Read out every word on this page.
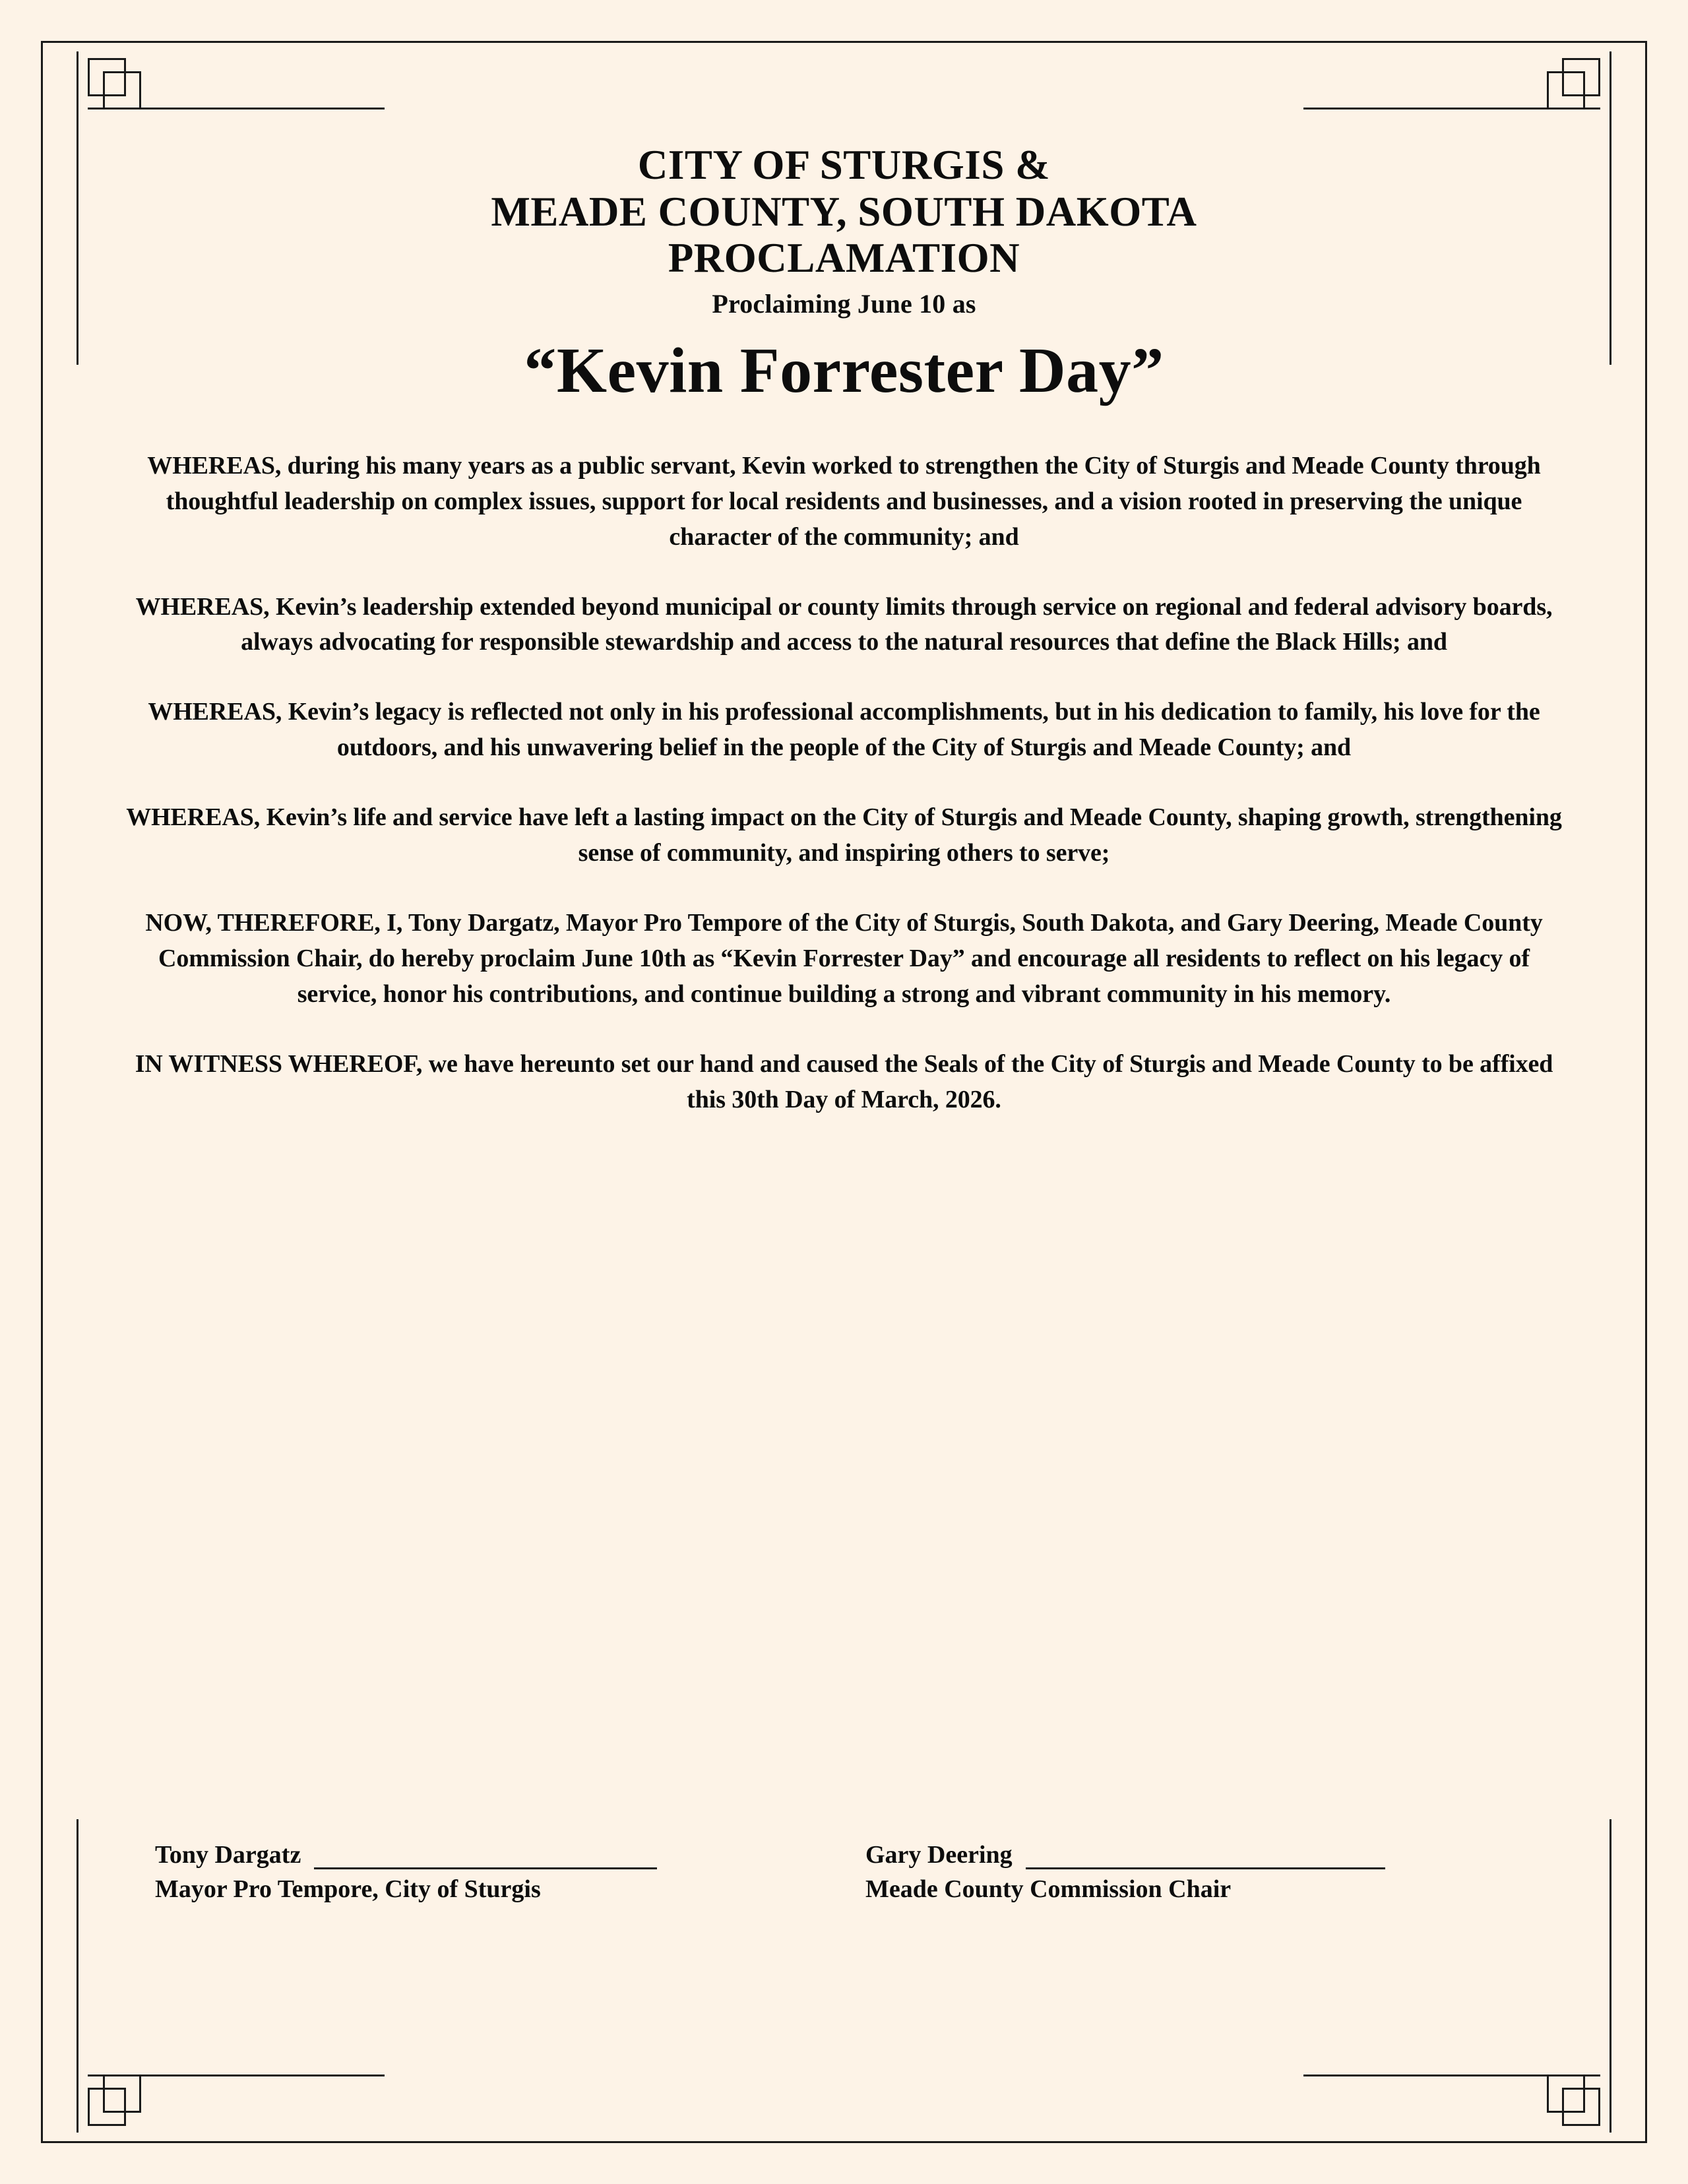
CITY OF STURGIS &
MEADE COUNTY, SOUTH DAKOTA
PROCLAMATION
Proclaiming June 10 as
“Kevin Forrester Day”

WHEREAS, during his many years as a public servant, Kevin worked to strengthen the City of Sturgis and Meade County through thoughtful leadership on complex issues, support for local residents and businesses, and a vision rooted in preserving the unique character of the community; and

WHEREAS, Kevin’s leadership extended beyond municipal or county limits through service on regional and federal advisory boards, always advocating for responsible stewardship and access to the natural resources that define the Black Hills; and

WHEREAS, Kevin’s legacy is reflected not only in his professional accomplishments, but in his dedication to family, his love for the outdoors, and his unwavering belief in the people of the City of Sturgis and Meade County; and

WHEREAS, Kevin’s life and service have left a lasting impact on the City of Sturgis and Meade County, shaping growth, strengthening sense of community, and inspiring others to serve;

NOW, THEREFORE, I, Tony Dargatz, Mayor Pro Tempore of the City of Sturgis, South Dakota, and Gary Deering, Meade County Commission Chair, do hereby proclaim June 10th as “Kevin Forrester Day” and encourage all residents to reflect on his legacy of service, honor his contributions, and continue building a strong and vibrant community in his memory.

IN WITNESS WHEREOF, we have hereunto set our hand and caused the Seals of the City of Sturgis and Meade County to be affixed this 30th Day of March, 2026.

Tony Dargatz
Mayor Pro Tempore, City of Sturgis
Gary Deering
Meade County Commission Chair
